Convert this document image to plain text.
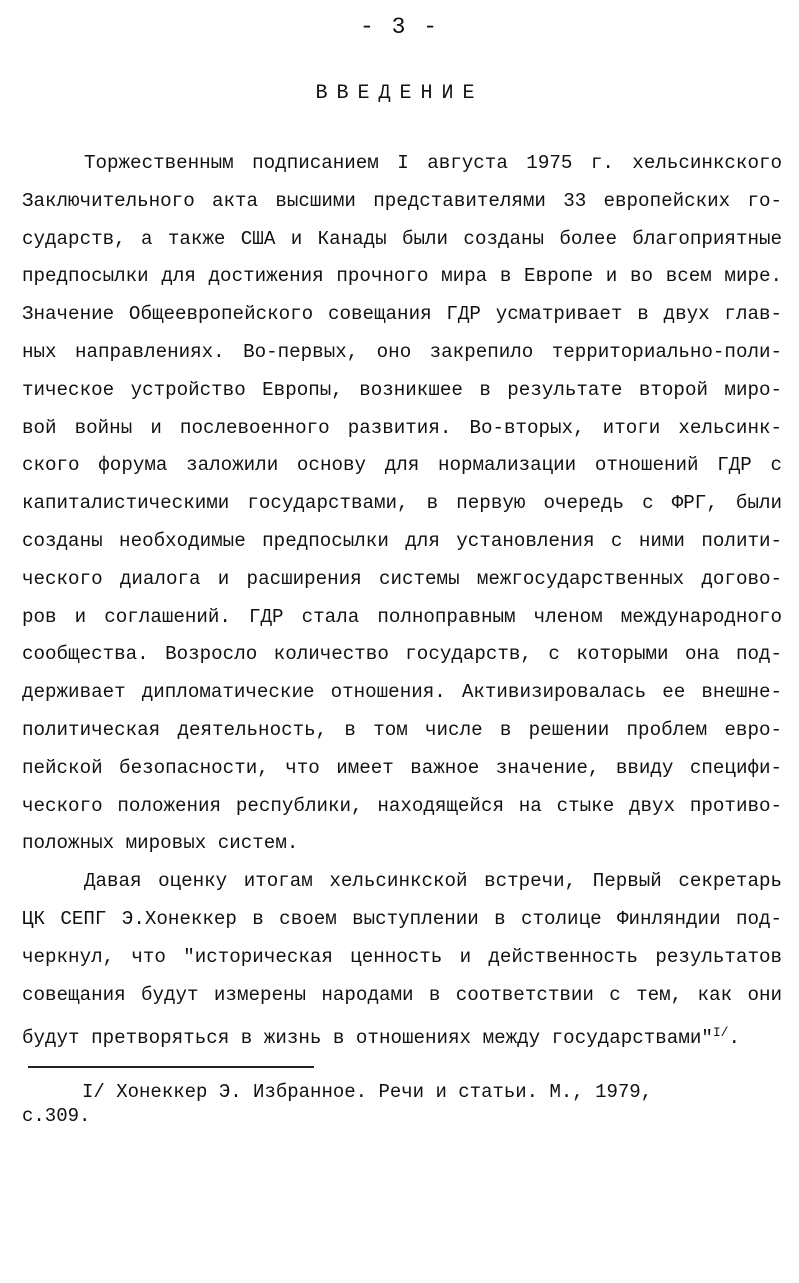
- 3 -
ВВЕДЕНИЕ
Торжественным подписанием I августа 1975 г. хельсинкского
Заключительного акта высшими представителями 33 европейских го-
сударств, а также США и Канады были созданы более благоприятные
предпосылки для достижения прочного мира в Европе и во всем мире.
Значение Общеевропейского совещания ГДР усматривает в двух глав-
ных направлениях. Во-первых, оно закрепило территориально-поли-
тическое устройство Европы, возникшее в результате второй миро-
вой войны и послевоенного развития. Во-вторых, итоги хельсинк-
ского форума заложили основу для нормализации отношений ГДР с
капиталистическими государствами, в первую очередь с ФРГ, были
созданы необходимые предпосылки для установления с ними полити-
ческого диалога и расширения системы межгосударственных догово-
ров и соглашений. ГДР стала полноправным членом международного
сообщества. Возросло количество государств, с которыми она под-
держивает дипломатические отношения. Активизировалась ее внешне-
политическая деятельность, в том числе в решении проблем евро-
пейской безопасности, что имеет важное значение, ввиду специфи-
ческого положения республики, находящейся на стыке двух противо-
положных мировых систем.
Давая оценку итогам хельсинкской встречи, Первый секретарь
ЦК СЕПГ Э.Хонеккер в своем выступлении в столице Финляндии под-
черкнул, что "историческая ценность и действенность результатов
совещания будут измерены народами в соответствии с тем, как они
будут претворяться в жизнь в отношениях между государствами"$^{I/}$.
I/ Хонеккер Э. Избранное. Речи и статьи. М., 1979,
с.309.
